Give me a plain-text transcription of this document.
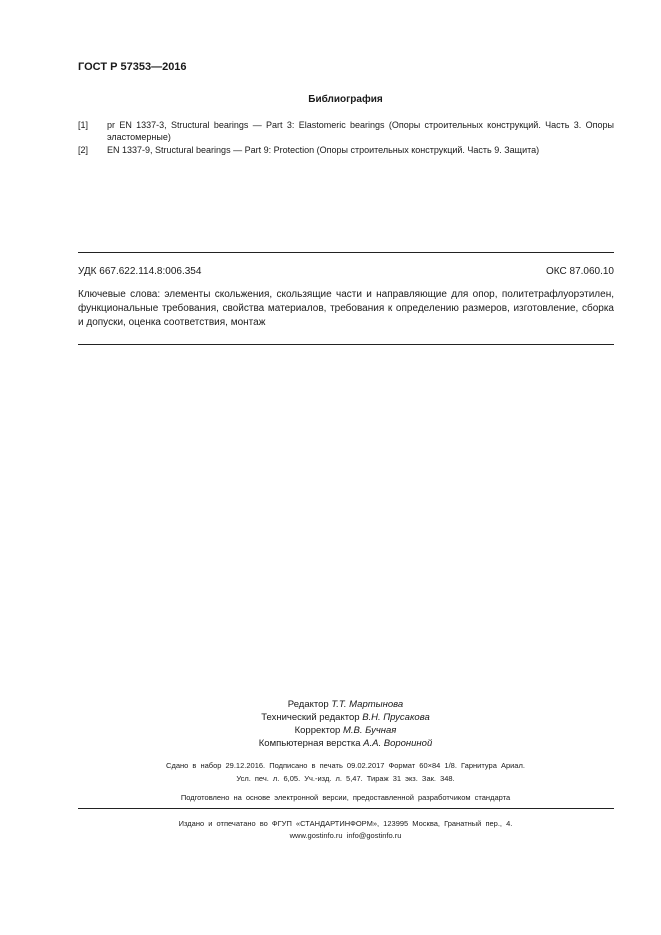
ГОСТ Р 57353—2016
Библиография
[1]	pr EN 1337-3, Structural bearings — Part 3: Elastomeric bearings (Опоры строительных конструкций. Часть 3. Опоры эластомерные)
[2]	EN 1337-9, Structural bearings — Part 9: Protection (Опоры строительных конструкций. Часть 9. Защита)
УДК 667.622.114.8:006.354	ОКС 87.060.10
Ключевые слова: элементы скольжения, скользящие части и направляющие для опор, политетрафлуорэтилен, функциональные требования, свойства материалов, требования к определению размеров, изготовление, сборка и допуски, оценка соответствия, монтаж
Редактор Т.Т. Мартынова
Технический редактор В.Н. Прусакова
Корректор М.В. Бучная
Компьютерная верстка А.А. Ворониной
Сдано в набор 29.12.2016. Подписано в печать 09.02.2017 Формат 60×84 1/8. Гарнитура Ариал.
Усл. печ. л. 6,05. Уч.-изд. л. 5,47. Тираж 31 экз. Зак. 348.
Подготовлено на основе электронной версии, предоставленной разработчиком стандарта
Издано и отпечатано во ФГУП «СТАНДАРТИНФОРМ», 123995 Москва, Гранатный пер., 4.
www.gostinfo.ru info@gostinfo.ru
